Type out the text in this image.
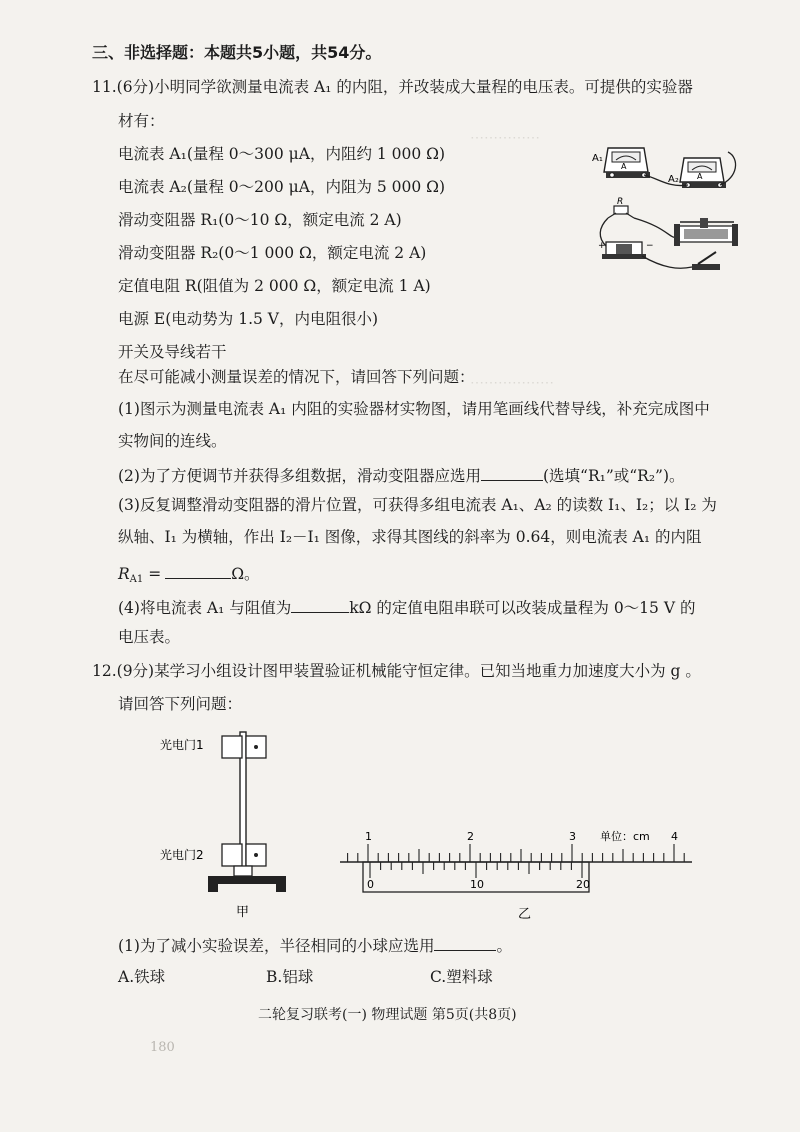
⋯⋯⋯⋯⋯
⋯⋯⋯⋯⋯⋯
三、非选择题：本题共5小题，共54分。
11.(6分)小明同学欲测量电流表 A₁ 的内阻，并改装成大量程的电压表。可提供的实验器
材有：
电流表 A₁(量程 0～300 μA，内阻约 1 000 Ω)
电流表 A₂(量程 0～200 μA，内阻为 5 000 Ω)
滑动变阻器 R₁(0～10 Ω，额定电流 2 A)
滑动变阻器 R₂(0～1 000 Ω，额定电流 2 A)
定值电阻 R(阻值为 2 000 Ω，额定电流 1 A)
电源 E(电动势为 1.5 V，内电阻很小)
开关及导线若干
A
A₁
A
A₂
R
+	−
在尽可能减小测量误差的情况下，请回答下列问题：
(1)图示为测量电流表 A₁ 内阻的实验器材实物图，请用笔画线代替导线，补充完成图中
实物间的连线。
(2)为了方便调节并获得多组数据，滑动变阻器应选用	(选填“R₁”或“R₂”)。
(3)反复调整滑动变阻器的滑片位置，可获得多组电流表 A₁、A₂ 的读数 I₁、I₂；以 I₂ 为
纵轴、I₁ 为横轴，作出 I₂－I₁ 图像，求得其图线的斜率为 0.64，则电流表 A₁ 的内阻
$R_{A1}$ =	Ω。
(4)将电流表 A₁ 与阻值为	kΩ 的定值电阻串联可以改装成量程为 0～15 V 的
电压表。
12.(9分)某学习小组设计图甲装置验证机械能守恒定律。已知当地重力加速度大小为 g 。
请回答下列问题：
光电门1
光电门2
甲
1	2	3	4
单位：cm
0	10	20
乙
(1)为了减小实验误差，半径相同的小球应选用	。
A.铁球	B.铝球	C.塑料球
二轮复习联考(一) 物理试题 第5页(共8页)
180
